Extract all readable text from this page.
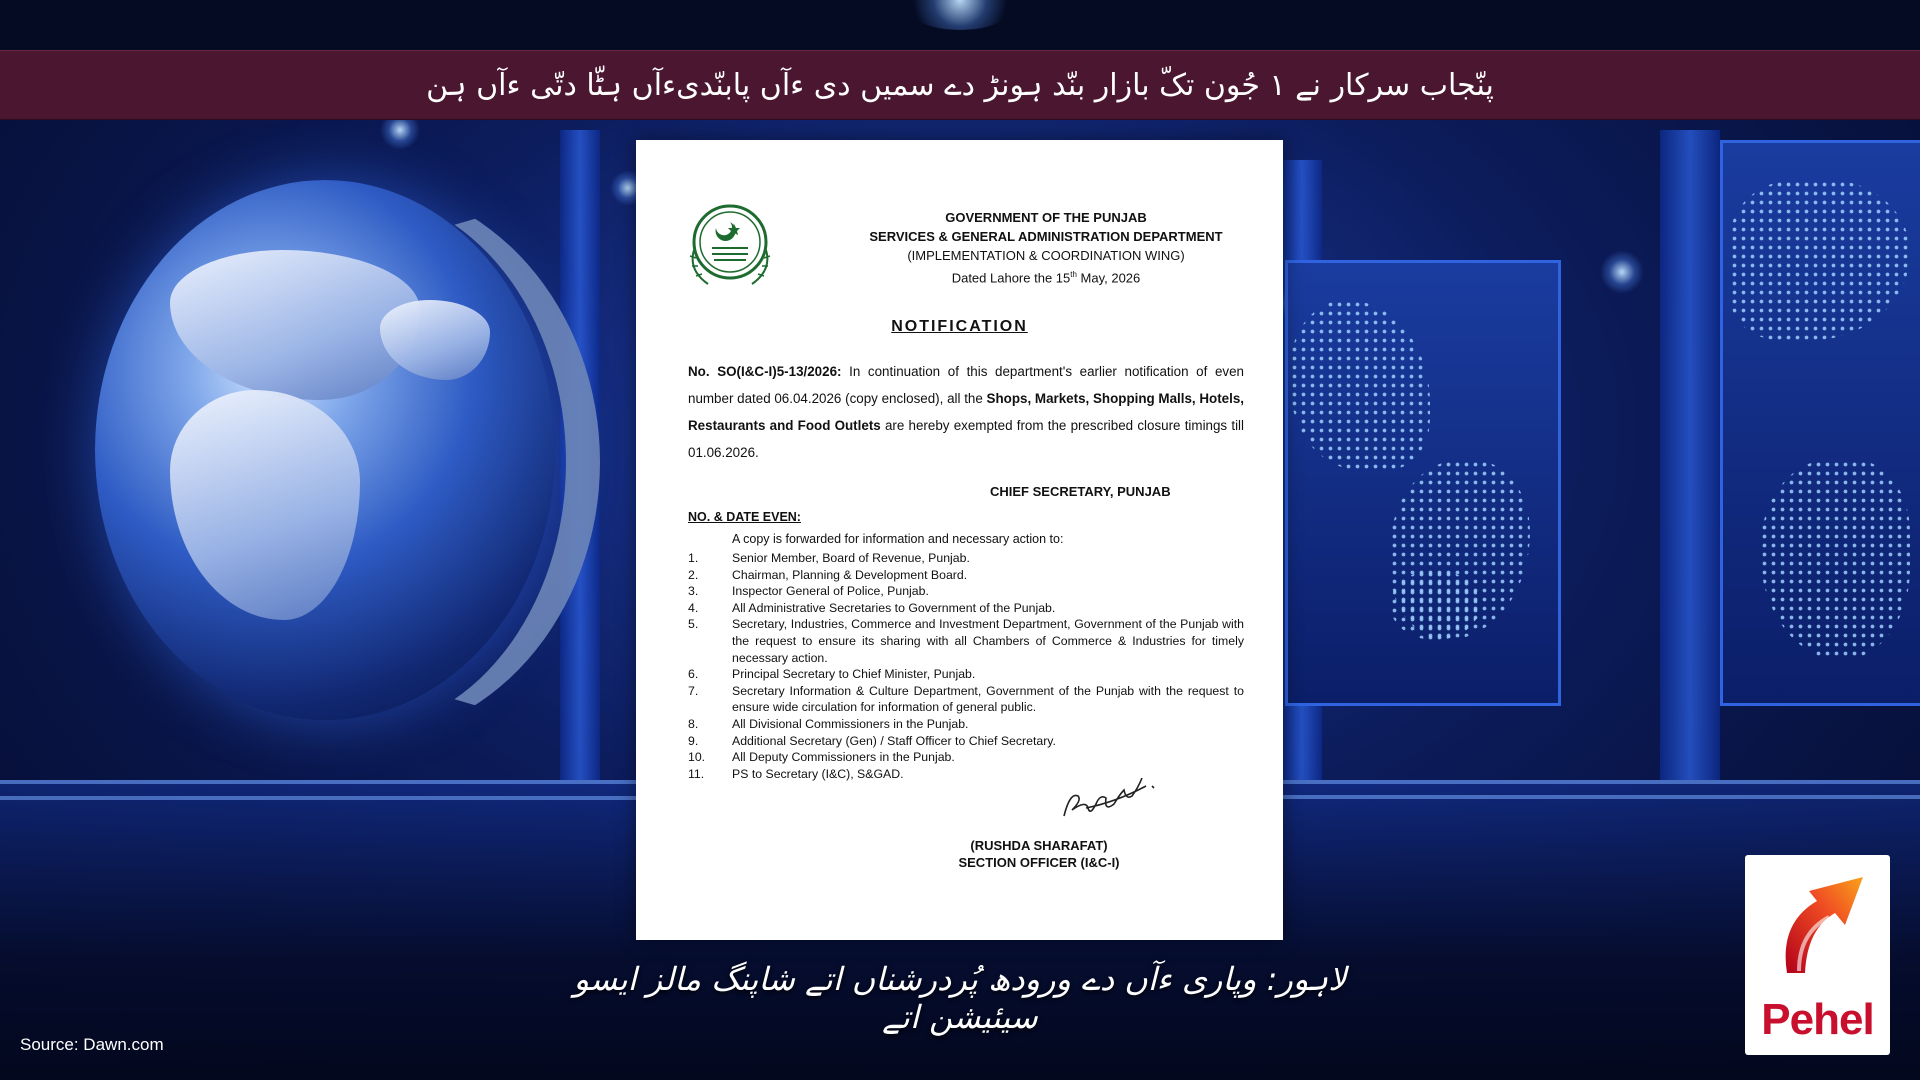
پنّجاب سرکار نے ۱ جُون تکّ بازار بنّد ہونڑ دے سمیں دی ءآں پابنّدیءآں ہٹّا دتّی ءآں ہن
GOVERNMENT OF THE PUNJAB
SERVICES & GENERAL ADMINISTRATION DEPARTMENT
(IMPLEMENTATION & COORDINATION WING)
Dated Lahore the 15th May, 2026
NOTIFICATION
No. SO(I&C-I)5-13/2026: In continuation of this department's earlier notification of even number dated 06.04.2026 (copy enclosed), all the Shops, Markets, Shopping Malls, Hotels, Restaurants and Food Outlets are hereby exempted from the prescribed closure timings till 01.06.2026.
CHIEF SECRETARY, PUNJAB
NO. & DATE EVEN:
A copy is forwarded for information and necessary action to:
1.	Senior Member, Board of Revenue, Punjab.
2.	Chairman, Planning & Development Board.
3.	Inspector General of Police, Punjab.
4.	All Administrative Secretaries to Government of the Punjab.
5.	Secretary, Industries, Commerce and Investment Department, Government of the Punjab with the request to ensure its sharing with all Chambers of Commerce & Industries for timely necessary action.
6.	Principal Secretary to Chief Minister, Punjab.
7.	Secretary Information & Culture Department, Government of the Punjab with the request to ensure wide circulation for information of general public.
8.	All Divisional Commissioners in the Punjab.
9.	Additional Secretary (Gen) / Staff Officer to Chief Secretary.
10.	All Deputy Commissioners in the Punjab.
11.	PS to Secretary (I&C), S&GAD.
(RUSHDA SHARAFAT)
SECTION OFFICER (I&C-I)
لاہور: وپاری ءآں دے ورودھ پُردرشناں اتے شاپنگ مالز ایسو سیئیشن اتے
Source: Dawn.com
Pehel
